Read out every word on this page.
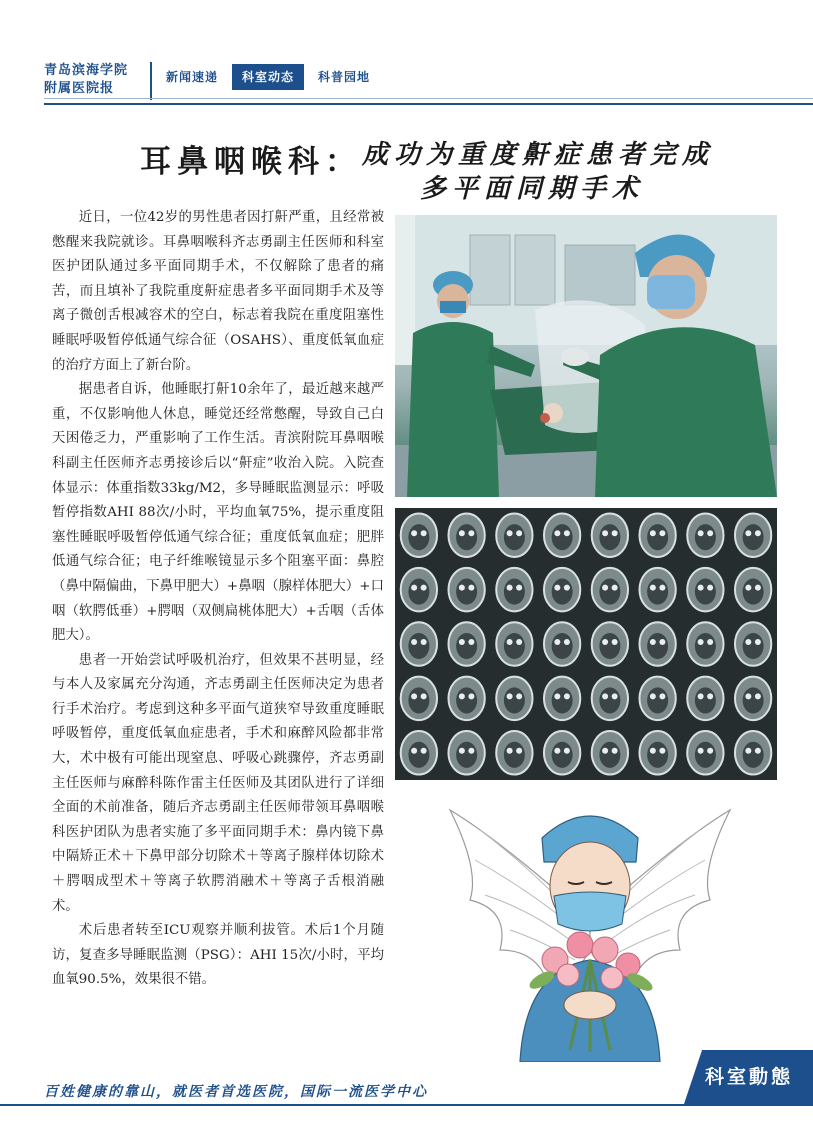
青岛滨海学院
附属医院报
新闻速递	科室动态	科普园地
耳鼻咽喉科： 成功为重度鼾症患者完成
多平面同期手术

近日，一位42岁的男性患者因打鼾严重，且经常被憋醒来我院就诊。耳鼻咽喉科齐志勇副主任医师和科室医护团队通过多平面同期手术，不仅解除了患者的痛苦，而且填补了我院重度鼾症患者多平面同期手术及等离子微创舌根减容术的空白，标志着我院在重度阻塞性睡眠呼吸暂停低通气综合征（OSAHS）、重度低氧血症的治疗方面上了新台阶。

据患者自诉，他睡眠打鼾10余年了，最近越来越严重，不仅影响他人休息，睡觉还经常憋醒，导致自己白天困倦乏力，严重影响了工作生活。青滨附院耳鼻咽喉科副主任医师齐志勇接诊后以“鼾症”收治入院。入院查体显示：体重指数33kg/M2，多导睡眠监测显示：呼吸暂停指数AHI 88次/小时，平均血氧75%，提示重度阻塞性睡眠呼吸暂停低通气综合征；重度低氧血症；肥胖低通气综合征；电子纤维喉镜显示多个阻塞平面：鼻腔（鼻中隔偏曲，下鼻甲肥大）+鼻咽（腺样体肥大）+口咽（软腭低垂）+腭咽（双侧扁桃体肥大）+舌咽（舌体肥大）。

患者一开始尝试呼吸机治疗，但效果不甚明显，经与本人及家属充分沟通，齐志勇副主任医师决定为患者行手术治疗。考虑到这种多平面气道狭窄导致重度睡眠呼吸暂停，重度低氧血症患者，手术和麻醉风险都非常大，术中极有可能出现窒息、呼吸心跳骤停，齐志勇副主任医师与麻醉科陈作雷主任医师及其团队进行了详细全面的术前准备，随后齐志勇副主任医师带领耳鼻咽喉科医护团队为患者实施了多平面同期手术：鼻内镜下鼻中隔矫正术＋下鼻甲部分切除术＋等离子腺样体切除术＋腭咽成型术＋等离子软腭消融术＋等离子舌根消融术。

术后患者转至ICU观察并顺利拔管。术后1个月随访，复查多导睡眠监测（PSG）：AHI 15次/小时，平均血氧90.5%，效果很不错。

百姓健康的靠山，就医者首选医院，国际一流医学中心
科室動態
